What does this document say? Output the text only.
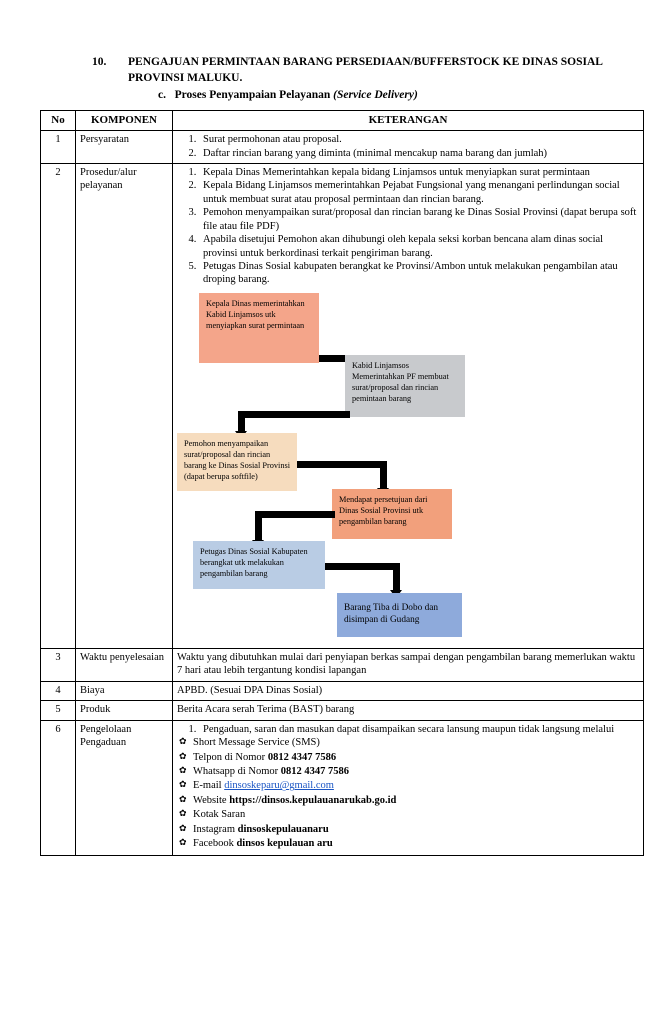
10.	PENGAJUAN PERMINTAAN BARANG PERSEDIAAN/BUFFERSTOCK KE DINAS SOSIAL PROVINSI MALUKU.
c. Proses Penyampaian Pelayanan (Service Delivery)
No	KOMPONEN	KETERANGAN
1	Persyaratan	
1.Surat permohonan atau proposal.
2. Daftar rincian barang yang diminta (minimal mencakup nama barang dan jumlah)

2	Prosedur/alur pelayanan	
1. Kepala Dinas Memerintahkan kepala bidang Linjamsos untuk menyiapkan surat permintaan
2. Kepala Bidang Linjamsos memerintahkan Pejabat Fungsional yang menangani perlindungan social untuk membuat surat atau proposal permintaan dan rincian barang.
3. Pemohon menyampaikan surat/proposal dan rincian barang ke Dinas Sosial Provinsi (dapat berupa soft file atau file PDF)
4. Apabila disetujui Pemohon akan dihubungi oleh kepala seksi korban bencana alam dinas social provinsi untuk berkordinasi terkait pengiriman barang.
5. Petugas Dinas Sosial kabupaten berangkat ke Provinsi/Ambon untuk melakukan pengambilan atau droping barang.
Kepala Dinas memerintahkan Kabid Linjamsos utk menyiapkan surat permintaan
Kabid Linjamsos Memerintahkan PF membuat surat/proposal dan rincian pemintaan barang
Pemohon menyampaikan surat/proposal dan rincian barang ke Dinas Sosial Provinsi (dapat berupa softfile)
Mendapat persetujuan dari Dinas Sosial Provinsi utk pengambilan barang
Petugas Dinas Sosial Kabupaten berangkat utk melakukan pengambilan barang
Barang Tiba di Dobo dan disimpan di Gudang

3	Waktu penyelesaian	Waktu yang dibutuhkan mulai dari penyiapan berkas sampai dengan pengambilan barang memerlukan waktu 7 hari atau lebih tergantung kondisi lapangan
4	Biaya	APBD. (Sesuai DPA Dinas Sosial)
5	Produk	Berita Acara serah Terima (BAST) barang
6	Pengelolaan Pengaduan	
1. Pengaduan, saran dan masukan dapat disampaikan secara lansung maupun tidak langsung melalui
✿ Short Message Service (SMS)
✿ Telpon di Nomor 0812 4347 7586
✿ Whatsapp di Nomor 0812 4347 7586
✿ E-mail dinsoskeparu@gmail.com
✿ Website https://dinsos.kepulauanarukab.go.id
✿ Kotak Saran
✿ Instagram dinsoskepulauanaru
✿ Facebook dinsos kepulauan aru
